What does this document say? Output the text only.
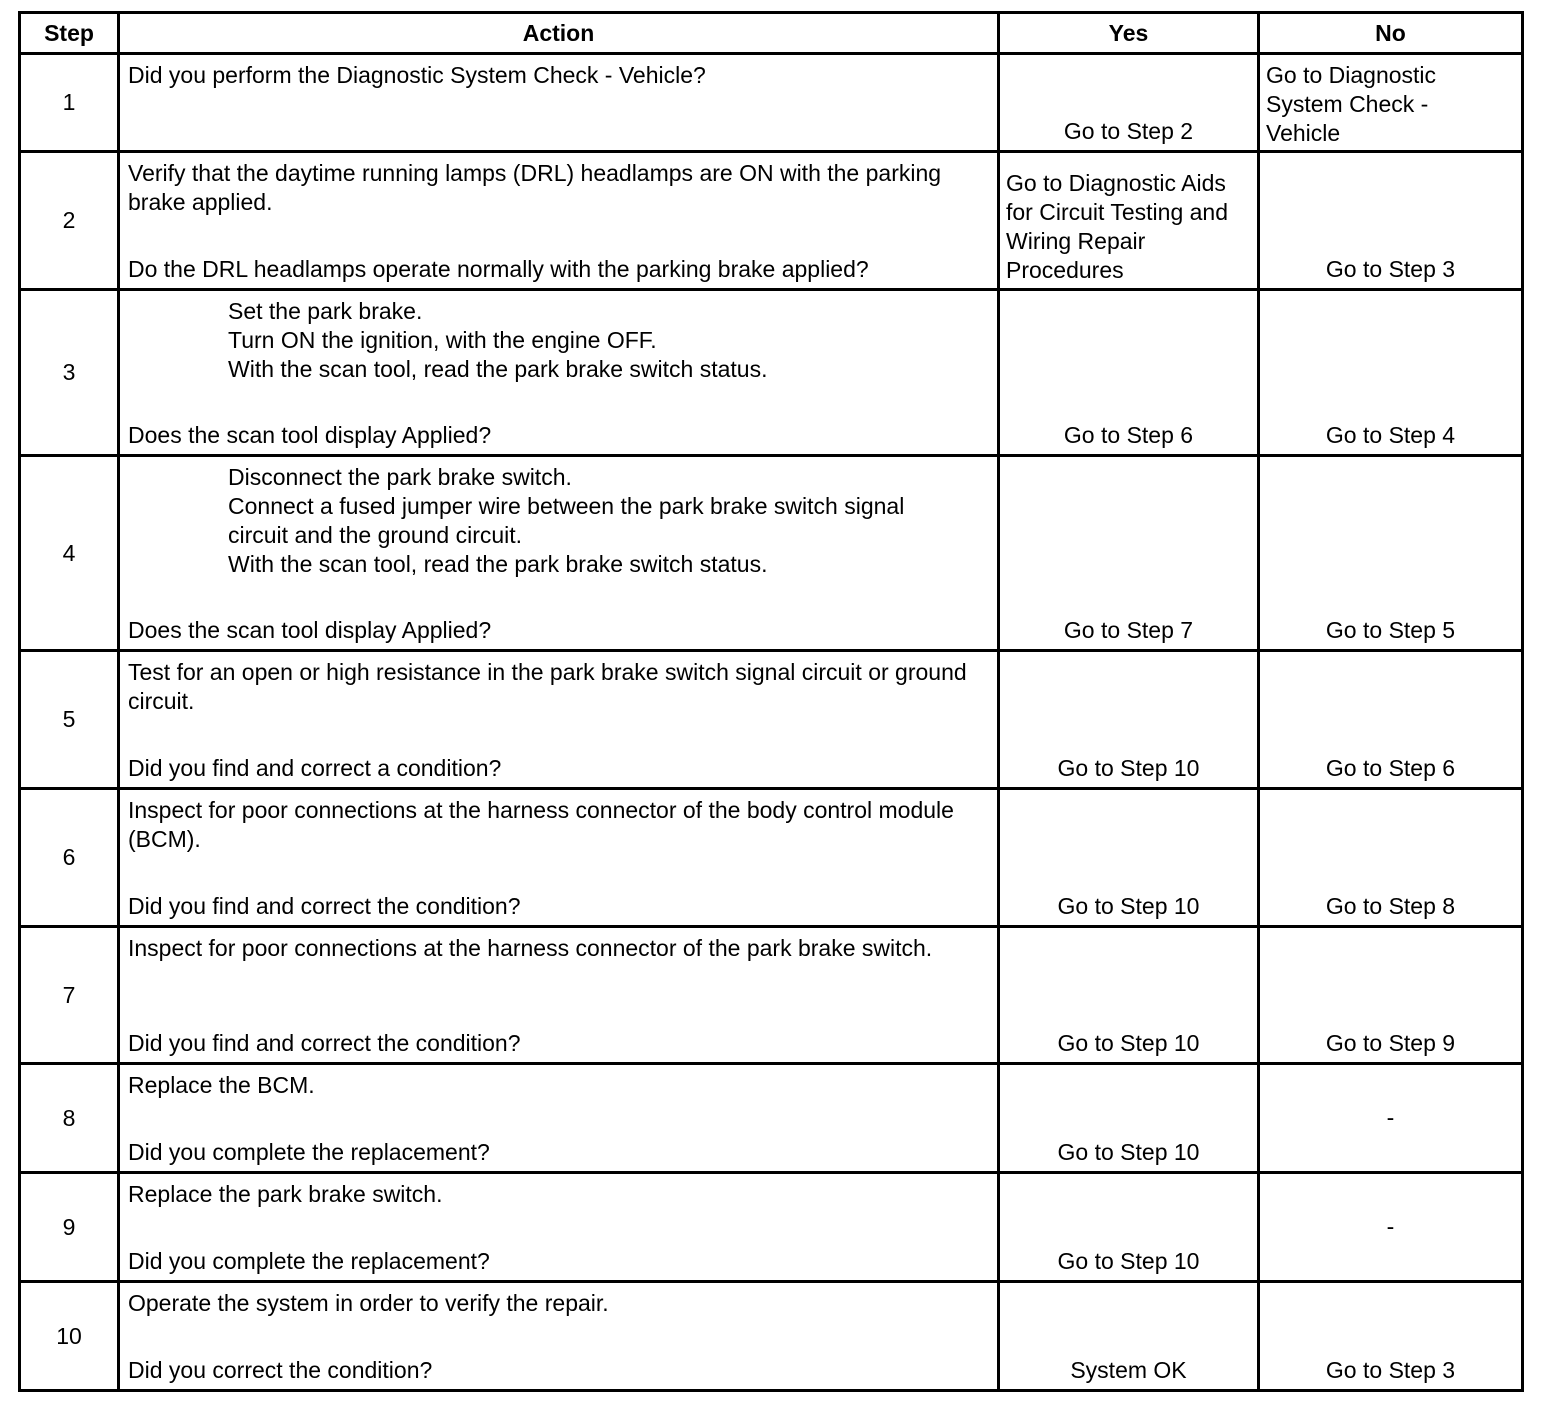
Step	Action	Yes	No
1	Did you perform the Diagnostic System Check - Vehicle?	Go to Step 2	Go to Diagnostic System Check - Vehicle

2	Verify that the daytime running lamps (DRL) headlamps are ON with the parking brake applied.
Do the DRL headlamps operate normally with the parking brake applied?	Go to Diagnostic Aids for Circuit Testing and Wiring Repair Procedures	Go to Step 3

3	Set the park brake.
Turn ON the ignition, with the engine OFF.
With the scan tool, read the park brake switch status.
Does the scan tool display Applied?	Go to Step 6	Go to Step 4

4	Disconnect the park brake switch.
Connect a fused jumper wire between the park brake switch signal circuit and the ground circuit.
With the scan tool, read the park brake switch status.
Does the scan tool display Applied?	Go to Step 7	Go to Step 5

5	Test for an open or high resistance in the park brake switch signal circuit or ground circuit.
Did you find and correct a condition?	Go to Step 10	Go to Step 6

6	Inspect for poor connections at the harness connector of the body control module (BCM).
Did you find and correct the condition?	Go to Step 10	Go to Step 8

7	Inspect for poor connections at the harness connector of the park brake switch.
Did you find and correct the condition?	Go to Step 10	Go to Step 9

8	Replace the BCM.
Did you complete the replacement?	Go to Step 10	-

9	Replace the park brake switch.
Did you complete the replacement?	Go to Step 10	-

10	Operate the system in order to verify the repair.
Did you correct the condition?	System OK	Go to Step 3
